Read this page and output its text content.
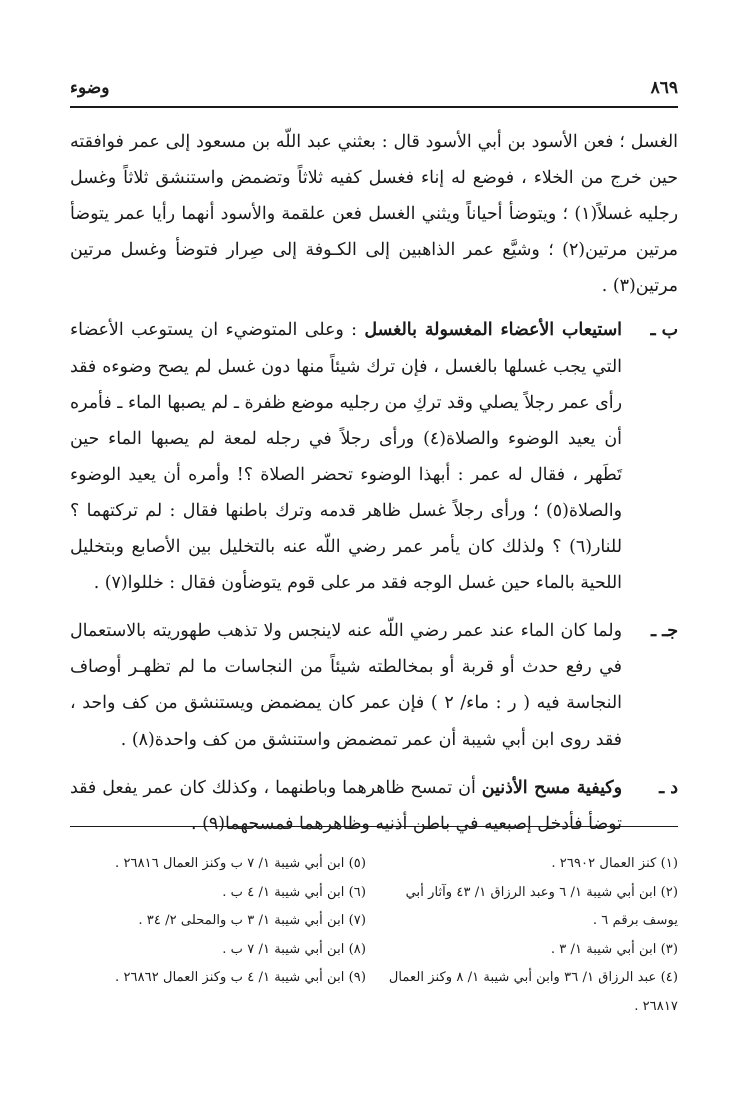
٨٦٩
وضوء

الغسل ؛ فعن الأسود بن أبي الأسود قال : بعثني عبد اللّه بن مسعود إلى عمر فوافقته حين خرج من الخلاء ، فوضع له إناء فغسل كفيه ثلاثاً وتضمض واستنشق ثلاثاً وغسل رجليه غسلاً(١) ؛ ويتوضأ أحياناً ويثني الغسل فعن علقمة والأسود أنهما رأيا عمر يتوضأ مرتين مرتين(٢) ؛ وشيَّع عمر الذاهبين إلى الكـوفة إلى صِرار فتوضأ وغسل مرتين مرتين(٣) .

ب ـ
استيعاب الأعضاء المغسولة بالغسل : وعلى المتوضيء ان يستوعب الأعضاء التي يجب غسلها بالغسل ، فإن ترك شيئاً منها دون غسل لم يصح وضوءه فقد رأى عمر رجلاً يصلي وقد تركِ من رجليه موضع ظفرة ـ لم يصبها الماء ـ فأمره أن يعيد الوضوء والصلاة(٤) ورأى رجلاً في رجله لمعة لم يصبها الماء حين تَطَهر ، فقال له عمر : أبهذا الوضوء تحضر الصلاة ؟! وأمره أن يعيد الوضوء والصلاة(٥) ؛ ورأى رجلاً غسل ظاهر قدمه وترك باطنها فقال : لم تركتهما ؟ للنار(٦) ؟ ولذلك كان يأمر عمر رضي اللّه عنه بالتخليل بين الأصابع وبتخليل اللحية بالماء حين غسل الوجه فقد مر على قوم يتوضأون فقال : خللوا(٧) .
جـ ـ
ولما كان الماء عند عمر رضي اللّه عنه لاينجس ولا تذهب طهوريته بالاستعمال في رفع حدث أو قربة أو بمخالطته شيئاً من النجاسات ما لم تظهـر أوصاف النجاسة فيه ( ر : ماء/ ٢ ) فإن عمر كان يمضمض ويستنشق من كف واحد ، فقد روى ابن أبي شيبة أن عمر تمضمض واستنشق من كف واحدة(٨) .
د ـ
وكيفية مسح الأذنين أن تمسح ظاهرهما وباطنهما ، وكذلك كان عمر يفعل فقد توضأ فأدخل إصبعيه في باطن أذنيه وظاهرهما فمسحهما(٩) .

(١) كنز العمال ٢٦٩٠٢ .

(٢) ابن أبي شيبة ١/ ٦ وعبد الرزاق ١/ ٤٣ وآثار أبي يوسف برقم ٦ .

(٣) ابن أبي شيبة ١/ ٣ .

(٤) عبد الرزاق ١/ ٣٦ وابن أبي شيبة ١/ ٨ وكنز العمال ٢٦٨١٧ .

(٥) ابن أبي شيبة ١/ ٧ ب وكنز العمال ٢٦٨١٦ .

(٦) ابن أبي شيبة ١/ ٤ ب .

(٧) ابن أبي شيبة ١/ ٣ ب والمحلى ٢/ ٣٤ .

(٨) ابن أبي شيبة ١/ ٧ ب .

(٩) ابن أبي شيبة ١/ ٤ ب وكنز العمال ٢٦٨٦٢ .
